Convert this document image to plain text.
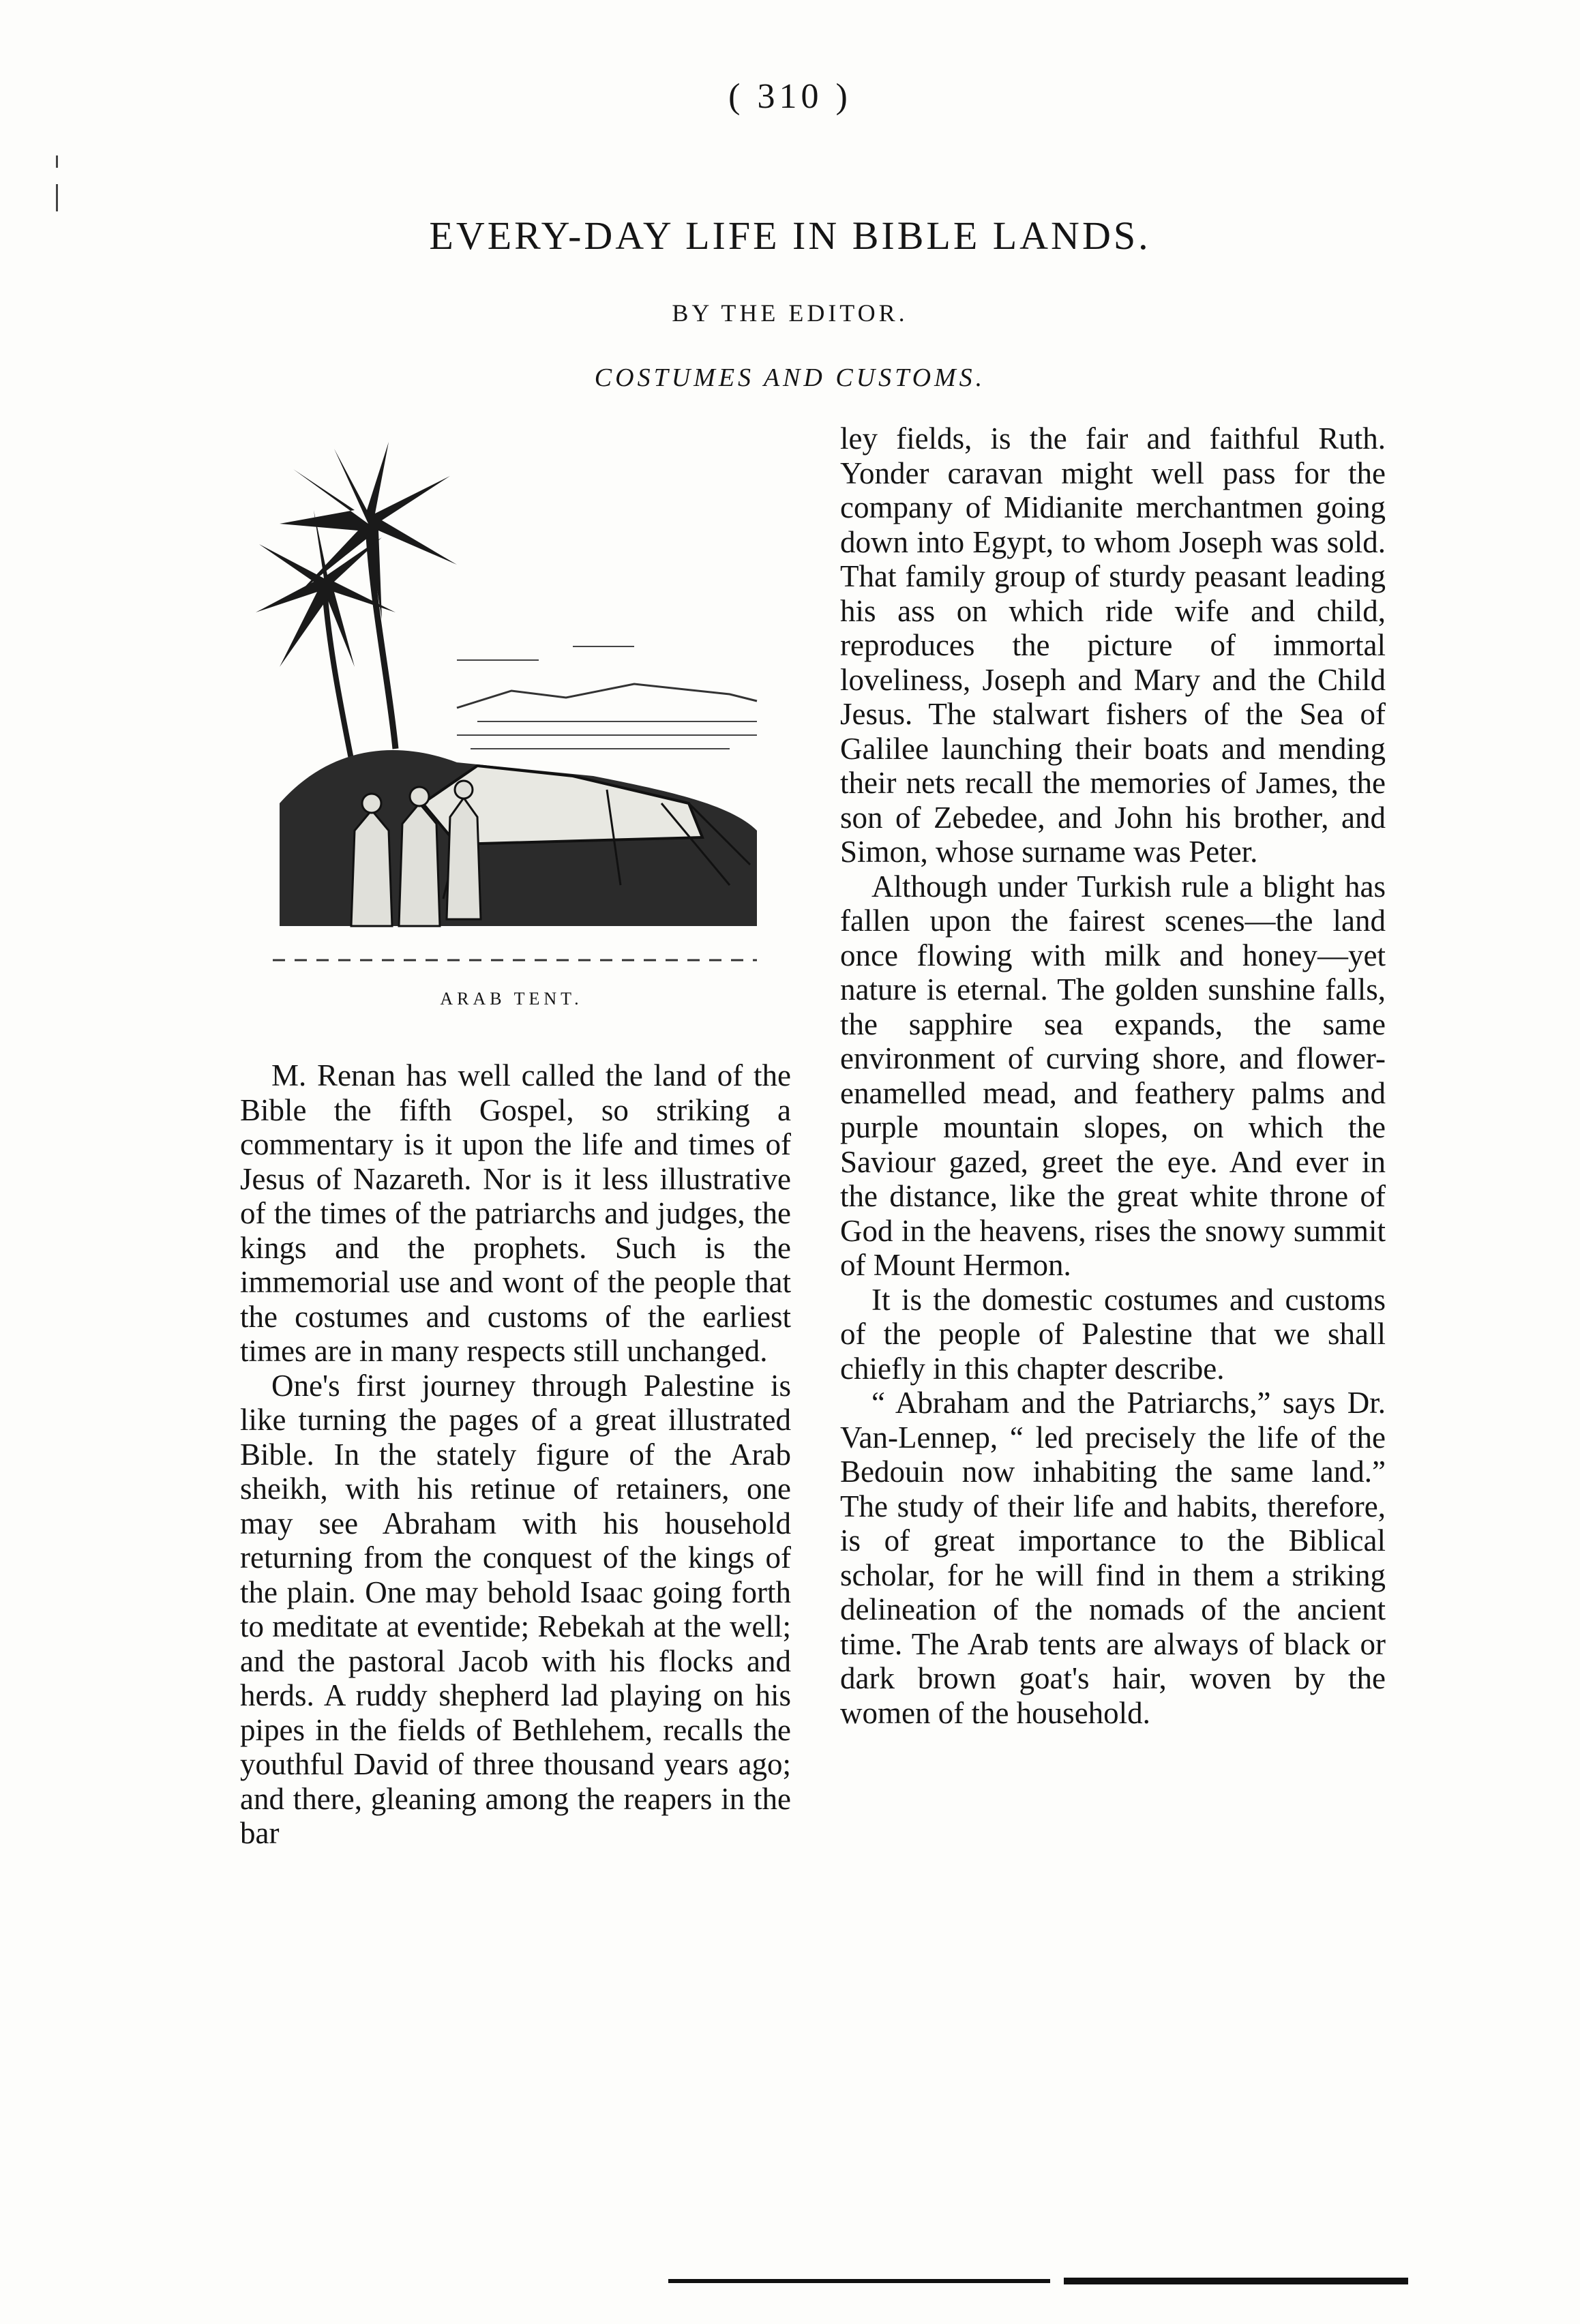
( 310 )
EVERY-DAY LIFE IN BIBLE LANDS.
BY THE EDITOR.
COSTUMES AND CUSTOMS.
ARAB TENT.

M. Renan has well called the land of the Bible the fifth Gospel, so striking a commentary is it upon the life and times of Jesus of Nazareth. Nor is it less illustrative of the times of the patriarchs and judges, the kings and the prophets. Such is the immemorial use and wont of the people that the costumes and customs of the earliest times are in many respects still unchanged.

One's first journey through Palestine is like turning the pages of a great illustrated Bible. In the stately figure of the Arab sheikh, with his retinue of retainers, one may see Abraham with his household returning from the conquest of the kings of the plain. One may behold Isaac going forth to meditate at eventide; Rebekah at the well; and the pastoral Jacob with his flocks and herds. A ruddy shepherd lad playing on his pipes in the fields of Bethlehem, recalls the youthful David of three thousand years ago; and there, gleaning among the reapers in the bar

ley fields, is the fair and faithful Ruth. Yonder caravan might well pass for the company of Midianite merchantmen going down into Egypt, to whom Joseph was sold. That family group of sturdy peasant leading his ass on which ride wife and child, reproduces the picture of immortal loveliness, Joseph and Mary and the Child Jesus. The stalwart fishers of the Sea of Galilee launching their boats and mending their nets recall the memories of James, the son of Zebedee, and John his brother, and Simon, whose surname was Peter.

Although under Turkish rule a blight has fallen upon the fairest scenes—the land once flowing with milk and honey—yet nature is eternal. The golden sunshine falls, the sapphire sea expands, the same environment of curving shore, and flower-enamelled mead, and feathery palms and purple mountain slopes, on which the Saviour gazed, greet the eye. And ever in the distance, like the great white throne of God in the heavens, rises the snowy summit of Mount Hermon.

It is the domestic costumes and customs of the people of Palestine that we shall chiefly in this chapter describe.

“ Abraham and the Patriarchs,” says Dr. Van-Lennep, “ led precisely the life of the Bedouin now inhabiting the same land.” The study of their life and habits, therefore, is of great importance to the Biblical scholar, for he will find in them a striking delineation of the nomads of the ancient time. The Arab tents are always of black or dark brown goat's hair, woven by the women of the household.
